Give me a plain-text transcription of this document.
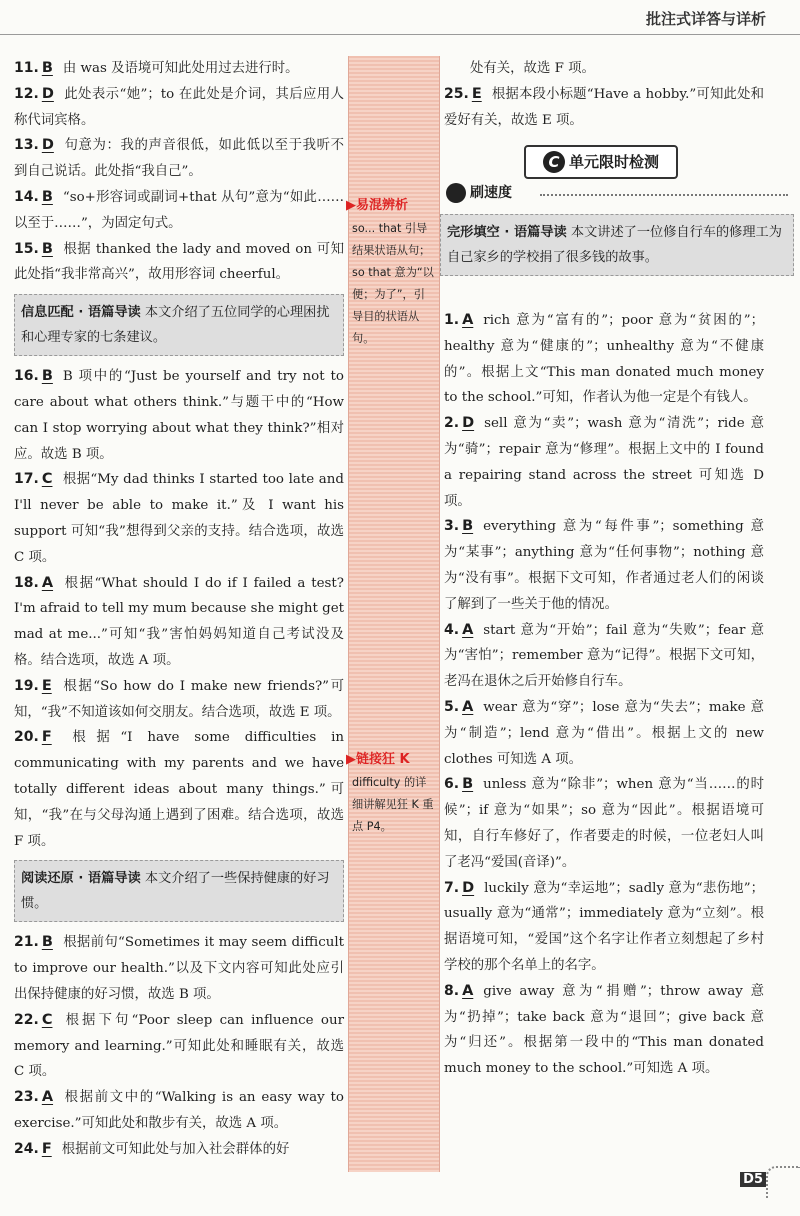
批注式详答与详析
▶易混辨析
so... that 引导结果状语从句；so that 意为“以便；为了”，引导目的状语从句。
▶链接狂 K
difficulty 的详细讲解见狂 K 重点 P4。
11. B 由 was 及语境可知此处用过去进行时。
12. D 此处表示“她”；to 在此处是介词，其后应用人称代词宾格。
13. D 句意为：我的声音很低，如此低以至于我听不到自己说话。此处指“我自己”。
14. B “so+形容词或副词+that 从句”意为“如此……以至于……”，为固定句式。
15. B 根据 thanked the lady and moved on 可知此处指“我非常高兴”，故用形容词 cheerful。
信息匹配 · 语篇导读 本文介绍了五位同学的心理困扰和心理专家的七条建议。
16. B B 项中的“Just be yourself and try not to care about what others think.”与题干中的“How can I stop worrying about what they think?”相对应。故选 B 项。
17. C 根据“My dad thinks I started too late and I'll never be able to make it.”及 I want his support 可知“我”想得到父亲的支持。结合选项，故选 C 项。
18. A 根据“What should I do if I failed a test? I'm afraid to tell my mum because she might get mad at me...”可知“我”害怕妈妈知道自己考试没及格。结合选项，故选 A 项。
19. E 根据“So how do I make new friends?”可知，“我”不知道该如何交朋友。结合选项，故选 E 项。
20. F 根据“I have some difficulties in communicating with my parents and we have totally different ideas about many things.”可知，“我”在与父母沟通上遇到了困难。结合选项，故选 F 项。
阅读还原 · 语篇导读 本文介绍了一些保持健康的好习惯。
21. B 根据前句“Sometimes it may seem difficult to improve our health.”以及下文内容可知此处应引出保持健康的好习惯，故选 B 项。
22. C 根据下句“Poor sleep can influence our memory and learning.”可知此处和睡眠有关，故选 C 项。
23. A 根据前文中的“Walking is an easy way to exercise.”可知此处和散步有关，故选 A 项。
24. F 根据前文可知此处与加入社会群体的好
处有关，故选 F 项。
25. E 根据本段小标题“Have a hobby.”可知此处和爱好有关，故选 E 项。
C 单元限时检测
刷速度
完形填空 · 语篇导读 本文讲述了一位修自行车的修理工为自己家乡的学校捐了很多钱的故事。
1. A rich 意为“富有的”；poor 意为“贫困的”；healthy 意为“健康的”；unhealthy 意为“不健康的”。根据上文“This man donated much money to the school.”可知，作者认为他一定是个有钱人。
2. D sell 意为“卖”；wash 意为“清洗”；ride 意为“骑”；repair 意为“修理”。根据上文中的 I found a repairing stand across the street 可知选 D 项。
3. B everything 意为“每件事”；something 意为“某事”；anything 意为“任何事物”；nothing 意为“没有事”。根据下文可知，作者通过老人们的闲谈了解到了一些关于他的情况。
4. A start 意为“开始”；fail 意为“失败”；fear 意为“害怕”；remember 意为“记得”。根据下文可知，老冯在退休之后开始修自行车。
5. A wear 意为“穿”；lose 意为“失去”；make 意为“制造”；lend 意为“借出”。根据上文的 new clothes 可知选 A 项。
6. B unless 意为“除非”；when 意为“当……的时候”；if 意为“如果”；so 意为“因此”。根据语境可知，自行车修好了，作者要走的时候，一位老妇人叫了老冯“爱国(音译)”。
7. D luckily 意为“幸运地”；sadly 意为“悲伤地”；usually 意为“通常”；immediately 意为“立刻”。根据语境可知，“爱国”这个名字让作者立刻想起了乡村学校的那个名单上的名字。
8. A give away 意为“捐赠”；throw away 意为“扔掉”；take back 意为“退回”；give back 意为“归还”。根据第一段中的“This man donated much money to the school.”可知选 A 项。
D5
